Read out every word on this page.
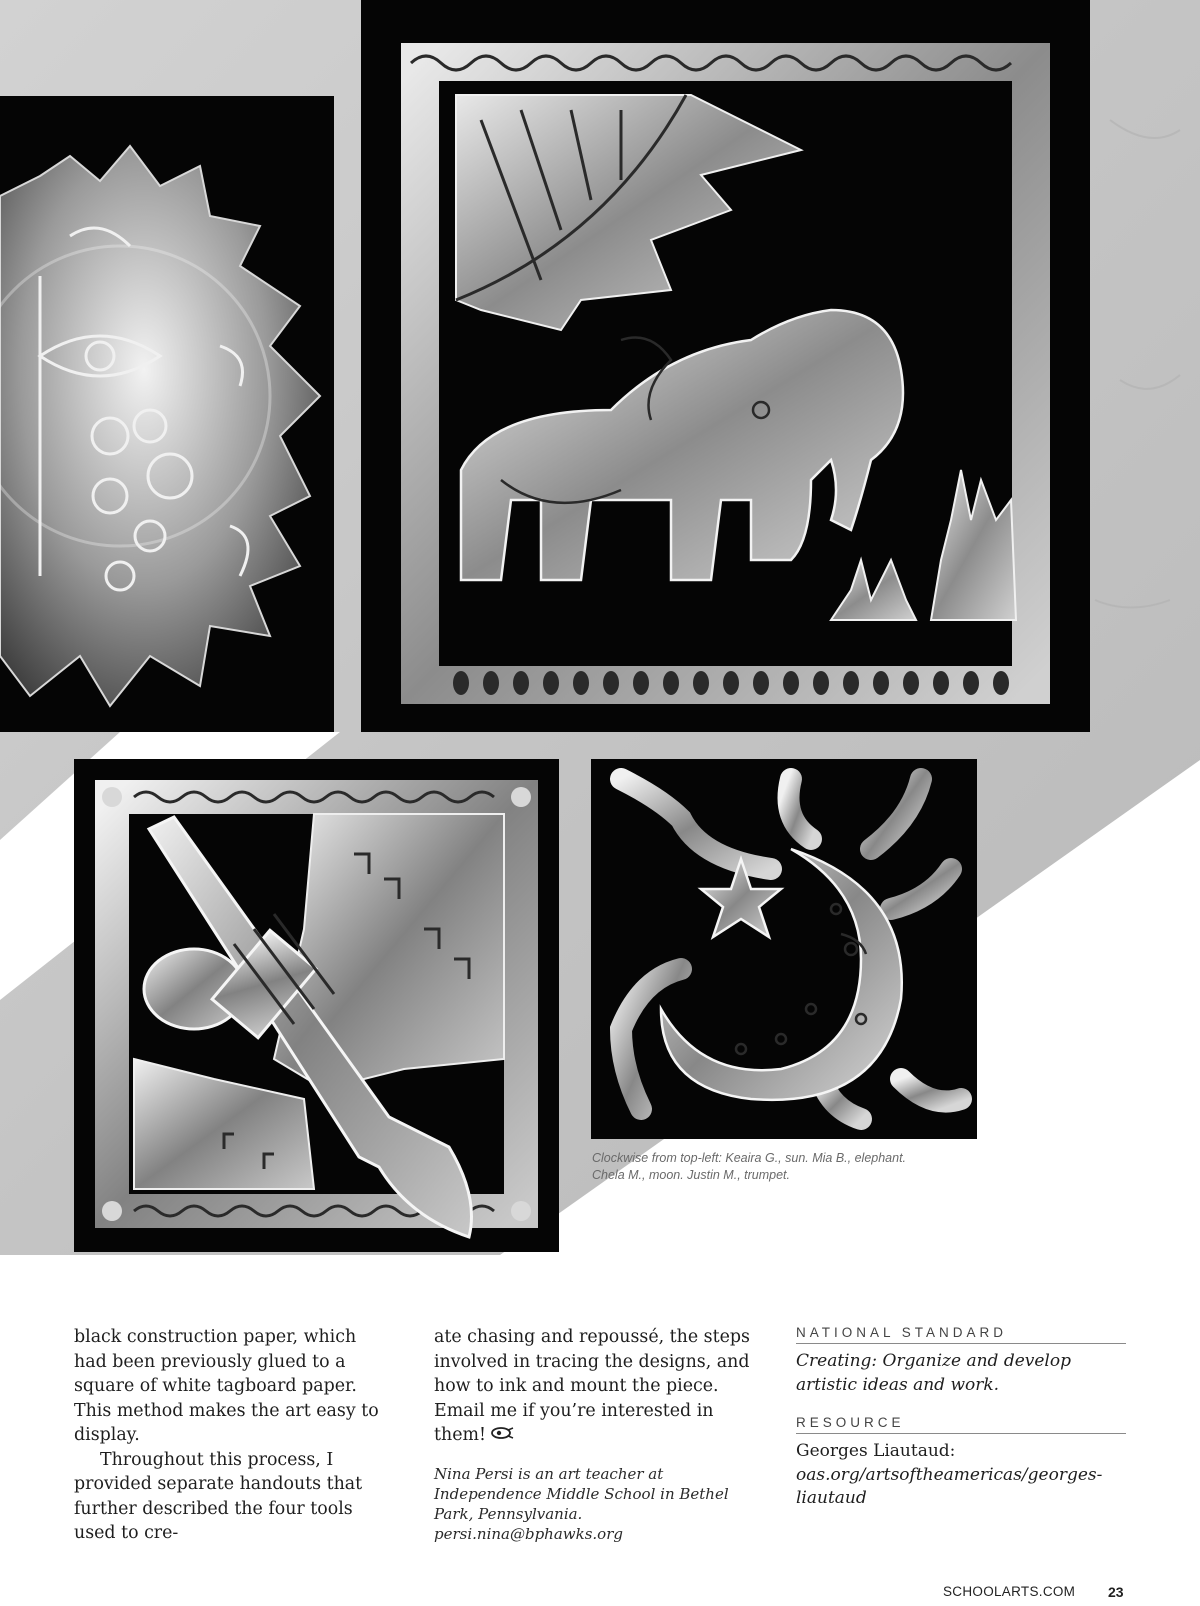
Clockwise from top-left: Keaira G., sun. Mia B., elephant.
Chela M., moon. Justin M., trumpet.

black construction paper, which had been previously glued to a square of white tagboard paper. This method makes the art easy to display.

Throughout this process, I provided separate handouts that further described the four tools used to cre-

ate chasing and repoussé, the steps involved in tracing the designs, and how to ink and mount the piece. Email me if you’re interested in them!

Nina Persi is an art teacher at Independence Middle School in Bethel Park, Pennsylvania. persi.nina@bphawks.org

NATIONAL STANDARD
Creating: Organize and develop artistic ideas and work.
RESOURCE
Georges Liautaud: oas.org/artsoftheamericas/georges-liautaud
SCHOOLARTS.COM 23
